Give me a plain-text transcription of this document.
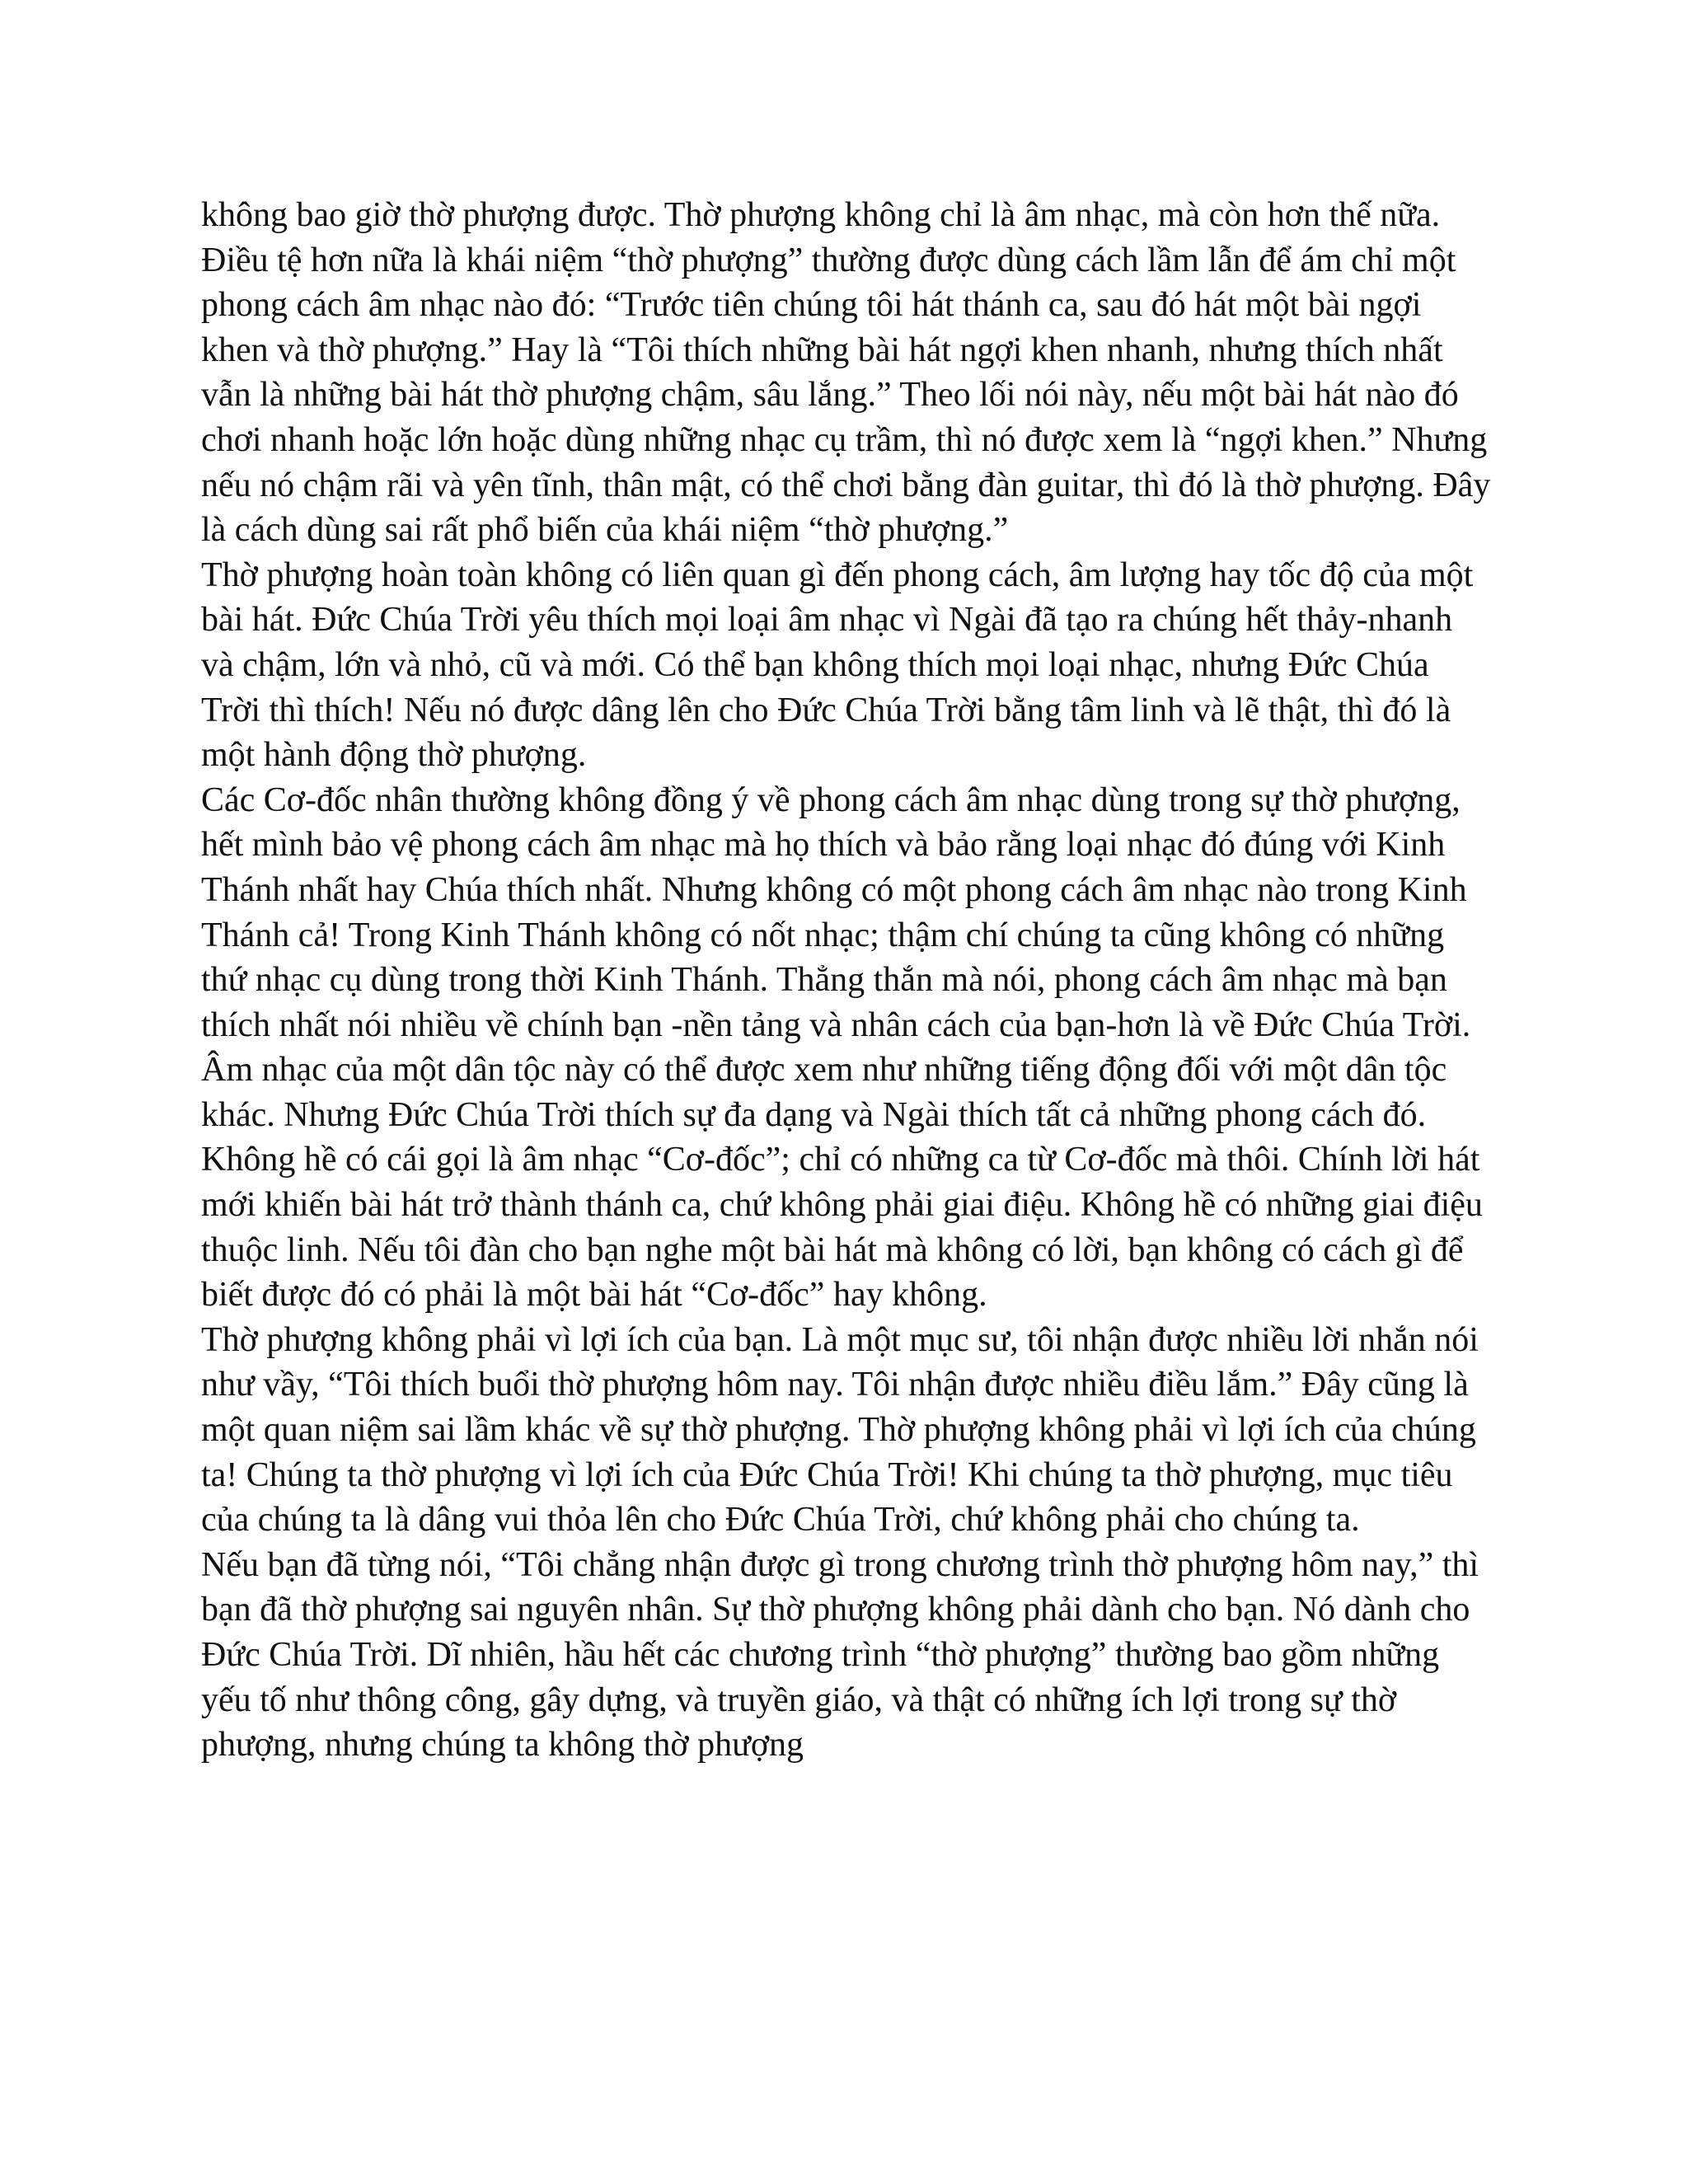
không bao giờ thờ phượng được. Thờ phượng không chỉ là âm nhạc, mà còn hơn thế nữa.

Điều tệ hơn nữa là khái niệm “thờ phượng” thường được dùng cách lầm lẫn để ám chỉ một phong cách âm nhạc nào đó: “Trước tiên chúng tôi hát thánh ca, sau đó hát một bài ngợi khen và thờ phượng.” Hay là “Tôi thích những bài hát ngợi khen nhanh, nhưng thích nhất vẫn là những bài hát thờ phượng chậm, sâu lắng.” Theo lối nói này, nếu một bài hát nào đó chơi nhanh hoặc lớn hoặc dùng những nhạc cụ trầm, thì nó được xem là “ngợi khen.” Nhưng nếu nó chậm rãi và yên tĩnh, thân mật, có thể chơi bằng đàn guitar, thì đó là thờ phượng. Đây là cách dùng sai rất phổ biến của khái niệm “thờ phượng.”

Thờ phượng hoàn toàn không có liên quan gì đến phong cách, âm lượng hay tốc độ của một bài hát. Đức Chúa Trời yêu thích mọi loại âm nhạc vì Ngài đã tạo ra chúng hết thảy-nhanh và chậm, lớn và nhỏ, cũ và mới. Có thể bạn không thích mọi loại nhạc, nhưng Đức Chúa Trời thì thích! Nếu nó được dâng lên cho Đức Chúa Trời bằng tâm linh và lẽ thật, thì đó là một hành động thờ phượng.

Các Cơ-đốc nhân thường không đồng ý về phong cách âm nhạc dùng trong sự thờ phượng, hết mình bảo vệ phong cách âm nhạc mà họ thích và bảo rằng loại nhạc đó đúng với Kinh Thánh nhất hay Chúa thích nhất. Nhưng không có một phong cách âm nhạc nào trong Kinh Thánh cả! Trong Kinh Thánh không có nốt nhạc; thậm chí chúng ta cũng không có những thứ nhạc cụ dùng trong thời Kinh Thánh. Thẳng thắn mà nói, phong cách âm nhạc mà bạn thích nhất nói nhiều về chính bạn -nền tảng và nhân cách của bạn-hơn là về Đức Chúa Trời. Âm nhạc của một dân tộc này có thể được xem như những tiếng động đối với một dân tộc khác. Nhưng Đức Chúa Trời thích sự đa dạng và Ngài thích tất cả những phong cách đó.

Không hề có cái gọi là âm nhạc “Cơ-đốc”; chỉ có những ca từ Cơ-đốc mà thôi. Chính lời hát mới khiến bài hát trở thành thánh ca, chứ không phải giai điệu. Không hề có những giai điệu thuộc linh. Nếu tôi đàn cho bạn nghe một bài hát mà không có lời, bạn không có cách gì để biết được đó có phải là một bài hát “Cơ-đốc” hay không.

Thờ phượng không phải vì lợi ích của bạn. Là một mục sư, tôi nhận được nhiều lời nhắn nói như vầy, “Tôi thích buổi thờ phượng hôm nay. Tôi nhận được nhiều điều lắm.” Đây cũng là một quan niệm sai lầm khác về sự thờ phượng. Thờ phượng không phải vì lợi ích của chúng ta! Chúng ta thờ phượng vì lợi ích của Đức Chúa Trời! Khi chúng ta thờ phượng, mục tiêu của chúng ta là dâng vui thỏa lên cho Đức Chúa Trời, chứ không phải cho chúng ta.

Nếu bạn đã từng nói, “Tôi chẳng nhận được gì trong chương trình thờ phượng hôm nay,” thì bạn đã thờ phượng sai nguyên nhân. Sự thờ phượng không phải dành cho bạn. Nó dành cho Đức Chúa Trời. Dĩ nhiên, hầu hết các chương trình “thờ phượng” thường bao gồm những yếu tố như thông công, gây dựng, và truyền giáo, và thật có những ích lợi trong sự thờ phượng, nhưng chúng ta không thờ phượng
